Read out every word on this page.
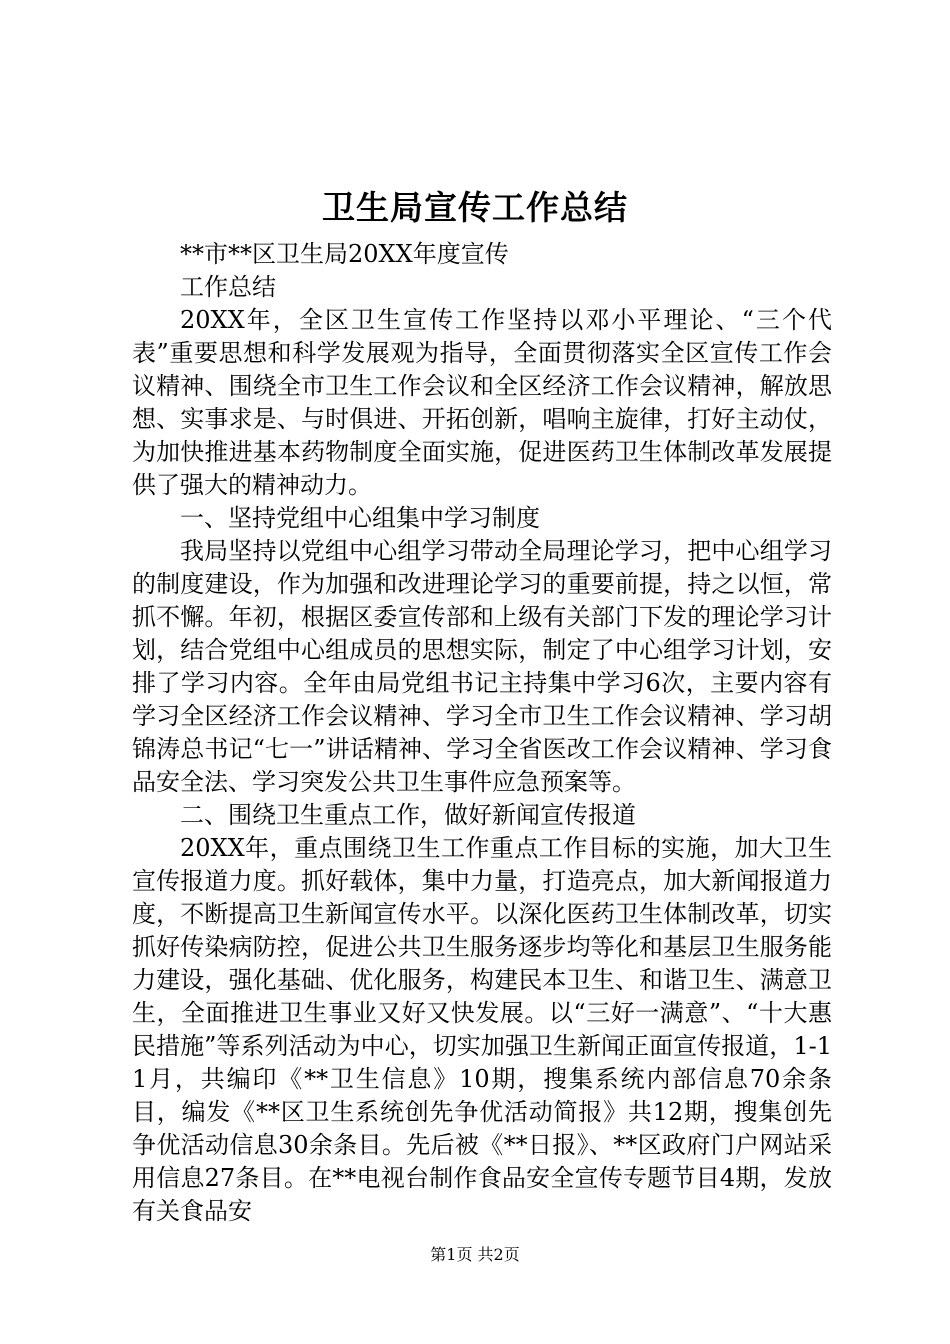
卫生局宣传工作总结

**市**区卫生局20XX年度宣传

工作总结

20XX年，全区卫生宣传工作坚持以邓小平理论、“三个代表”重要思想和科学发展观为指导，全面贯彻落实全区宣传工作会议精神、围绕全市卫生工作会议和全区经济工作会议精神，解放思想、实事求是、与时俱进、开拓创新，唱响主旋律，打好主动仗，为加快推进基本药物制度全面实施，促进医药卫生体制改革发展提供了强大的精神动力。

一、坚持党组中心组集中学习制度

我局坚持以党组中心组学习带动全局理论学习，把中心组学习的制度建设，作为加强和改进理论学习的重要前提，持之以恒，常抓不懈。年初，根据区委宣传部和上级有关部门下发的理论学习计划，结合党组中心组成员的思想实际，制定了中心组学习计划，安排了学习内容。全年由局党组书记主持集中学习6次，主要内容有学习全区经济工作会议精神、学习全市卫生工作会议精神、学习胡锦涛总书记“七一”讲话精神、学习全省医改工作会议精神、学习食品安全法、学习突发公共卫生事件应急预案等。

二、围绕卫生重点工作，做好新闻宣传报道

20XX年，重点围绕卫生工作重点工作目标的实施，加大卫生宣传报道力度。抓好载体，集中力量，打造亮点，加大新闻报道力度，不断提高卫生新闻宣传水平。以深化医药卫生体制改革，切实抓好传染病防控，促进公共卫生服务逐步均等化和基层卫生服务能力建设，强化基础、优化服务，构建民本卫生、和谐卫生、满意卫生，全面推进卫生事业又好又快发展。以“三好一满意”、“十大惠民措施”等系列活动为中心，切实加强卫生新闻正面宣传报道，1-11月，共编印《**卫生信息》10期，搜集系统内部信息70余条目，编发《**区卫生系统创先争优活动简报》共12期，搜集创先争优活动信息30余条目。先后被《**日报》、**区政府门户网站采用信息27条目。在**电视台制作食品安全宣传专题节目4期，发放有关食品安

第1页 共2页
